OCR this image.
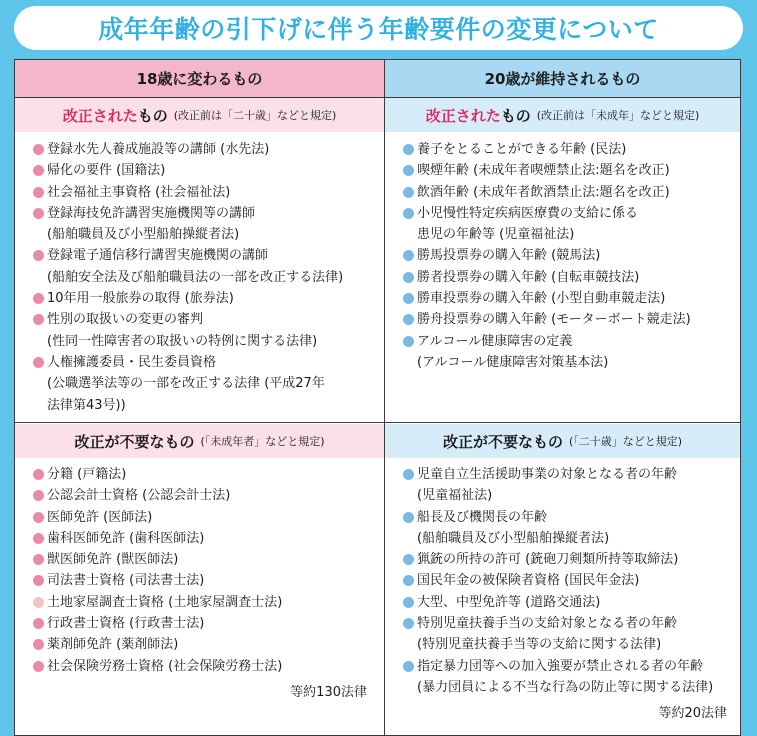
成年年齢の引下げに伴う年齢要件の変更について
18歳に変わるもの	20歳が維持されるもの
改正されたもの (改正前は「二十歳」などと規定)
登録水先人養成施設等の講師 (水先法)
帰化の要件 (国籍法)
社会福祉主事資格 (社会福祉法)
登録海技免許講習実施機関等の講師
(船舶職員及び小型船舶操縦者法)
登録電子通信移行講習実施機関の講師
(船舶安全法及び船舶職員法の一部を改正する法律)
10年用一般旅券の取得 (旅券法)
性別の取扱いの変更の審判
(性同一性障害者の取扱いの特例に関する法律)
人権擁護委員・民生委員資格
(公職選挙法等の一部を改正する法律 (平成27年
法律第43号))
改正されたもの (改正前は「未成年」などと規定)
養子をとることができる年齢 (民法)
喫煙年齢 (未成年者喫煙禁止法:題名を改正)
飲酒年齢 (未成年者飲酒禁止法:題名を改正)
小児慢性特定疾病医療費の支給に係る
患児の年齢等 (児童福祉法)
勝馬投票券の購入年齢 (競馬法)
勝者投票券の購入年齢 (自転車競技法)
勝車投票券の購入年齢 (小型自動車競走法)
勝舟投票券の購入年齢 (モーターボート競走法)
アルコール健康障害の定義
(アルコール健康障害対策基本法)
改正が不要なもの (「未成年者」などと規定)
分籍 (戸籍法)
公認会計士資格 (公認会計士法)
医師免許 (医師法)
歯科医師免許 (歯科医師法)
獣医師免許 (獣医師法)
司法書士資格 (司法書士法)
土地家屋調査士資格 (土地家屋調査士法)
行政書士資格 (行政書士法)
薬剤師免許 (薬剤師法)
社会保険労務士資格 (社会保険労務士法)
等約130法律
改正が不要なもの (「二十歳」などと規定)
児童自立生活援助事業の対象となる者の年齢
(児童福祉法)
船長及び機関長の年齢
(船舶職員及び小型船舶操縦者法)
猟銃の所持の許可 (銃砲刀剣類所持等取締法)
国民年金の被保険者資格 (国民年金法)
大型、中型免許等 (道路交通法)
特別児童扶養手当の支給対象となる者の年齢
(特別児童扶養手当等の支給に関する法律)
指定暴力団等への加入強要が禁止される者の年齢
(暴力団員による不当な行為の防止等に関する法律)
等約20法律
